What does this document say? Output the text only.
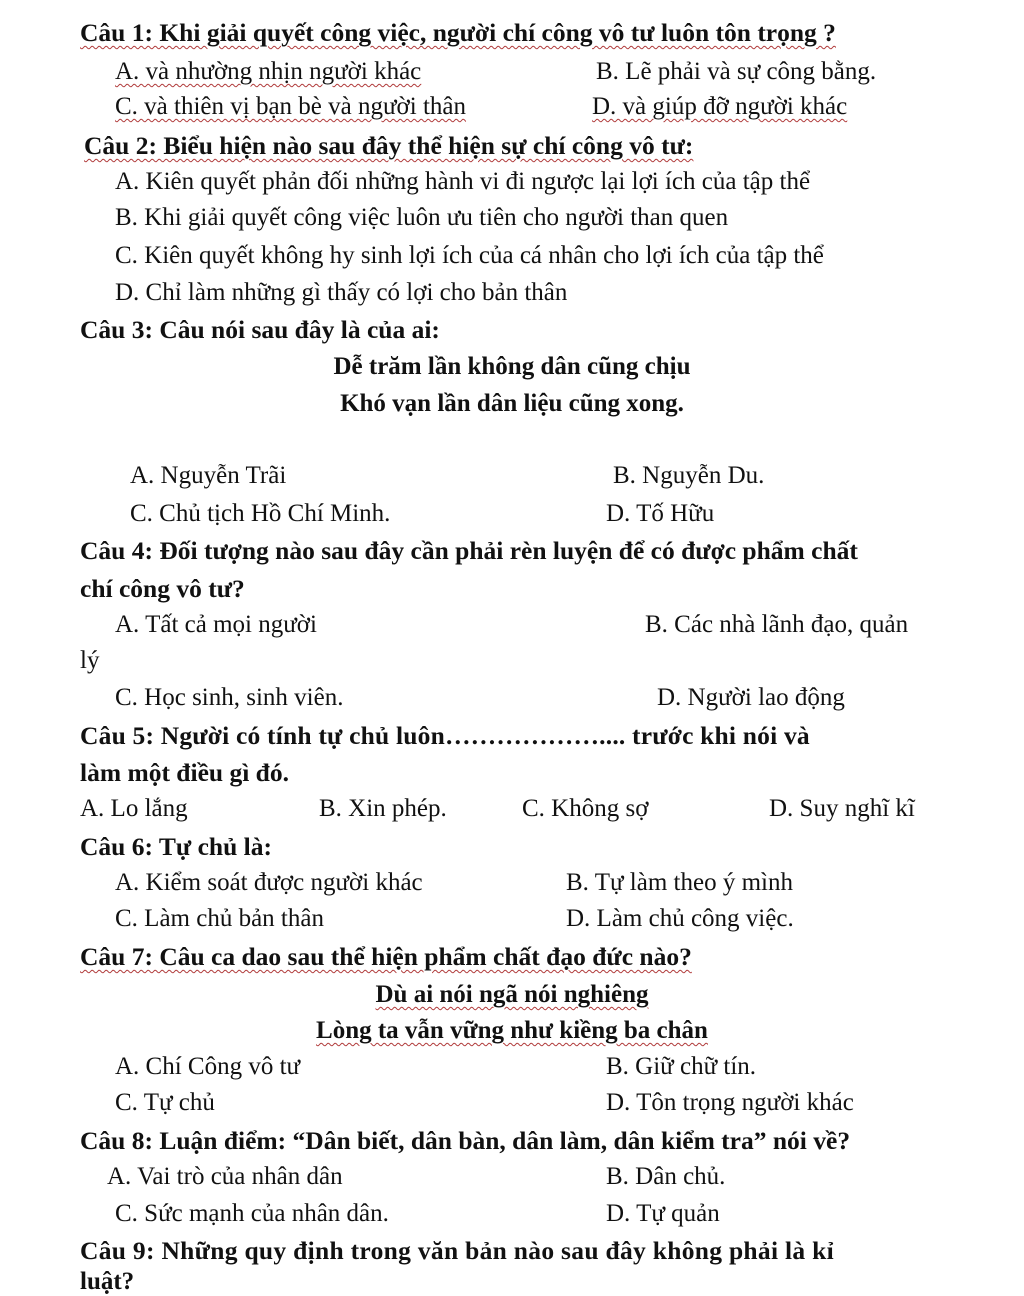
Câu 1: Khi giải quyết công việc, người chí công vô tư luôn tôn trọng ?
A. và nhường nhịn người khác	B. Lẽ phải và sự công bằng.
C. và thiên vị bạn bè và người thân	D. và giúp đỡ người khác
Câu 2: Biểu hiện nào sau đây thể hiện sự chí công vô tư:
A. Kiên quyết phản đối những hành vi đi ngược lại lợi ích của tập thể
B. Khi giải quyết công việc luôn ưu tiên cho người than quen
C. Kiên quyết không hy sinh lợi ích của cá nhân cho lợi ích của tập thể
D. Chỉ làm những gì thấy có lợi cho bản thân
Câu 3: Câu nói sau đây là của ai:
Dễ trăm lần không dân cũng chịu
Khó vạn lần dân liệu cũng xong.
A. Nguyễn Trãi	B. Nguyễn Du.
C. Chủ tịch Hồ Chí Minh.	D. Tố Hữu
Câu 4: Đối tượng nào sau đây cần phải rèn luyện để có được phẩm chất
chí công vô tư?
A. Tất cả mọi người	B. Các nhà lãnh đạo, quản
lý
C. Học sinh, sinh viên.	D. Người lao động
Câu 5: Người có tính tự chủ luôn……………….... trước khi nói và
làm một điều gì đó.
A. Lo lắng	B. Xin phép.	C. Không sợ	D. Suy nghĩ kĩ
Câu 6: Tự chủ là:
A. Kiểm soát được người khác	B. Tự làm theo ý mình
C. Làm chủ bản thân	D. Làm chủ công việc.
Câu 7: Câu ca dao sau thể hiện phẩm chất đạo đức nào?
Dù ai nói ngã nói nghiêng
Lòng ta vẫn vững như kiềng ba chân
A. Chí Công vô tư	B. Giữ chữ tín.
C. Tự chủ	D. Tôn trọng người khác
Câu 8: Luận điểm: “Dân biết, dân bàn, dân làm, dân kiểm tra” nói về?
A. Vai trò của nhân dân	B. Dân chủ.
C. Sức mạnh của nhân dân.	D. Tự quản
Câu 9: Những quy định trong văn bản nào sau đây không phải là kỉ
luật?
